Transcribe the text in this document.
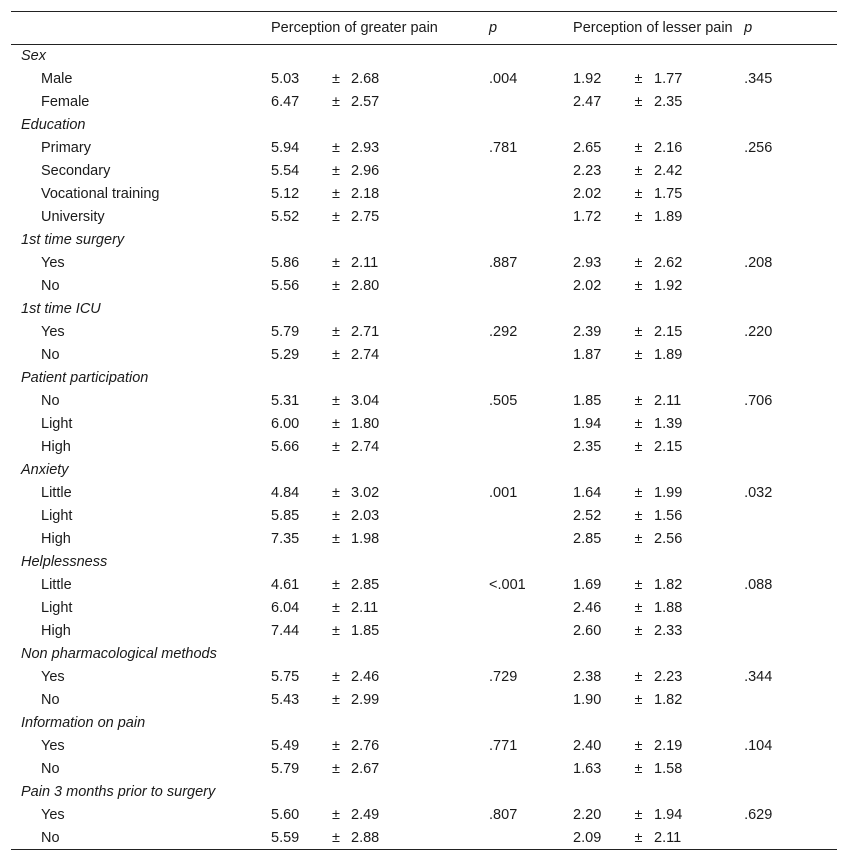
	Perception of greater pain			p	Perception of lesser pain			p
Sex								
Male	5.03	±	2.68	.004	1.92	±	1.77	.345
Female	6.47	±	2.57		2.47	±	2.35	
Education								
Primary	5.94	±	2.93	.781	2.65	±	2.16	.256
Secondary	5.54	±	2.96		2.23	±	2.42	
Vocational training	5.12	±	2.18		2.02	±	1.75	
University	5.52	±	2.75		1.72	±	1.89	
1st time surgery								
Yes	5.86	±	2.11	.887	2.93	±	2.62	.208
No	5.56	±	2.80		2.02	±	1.92	
1st time ICU								
Yes	5.79	±	2.71	.292	2.39	±	2.15	.220
No	5.29	±	2.74		1.87	±	1.89	
Patient participation								
No	5.31	±	3.04	.505	1.85	±	2.11	.706
Light	6.00	±	1.80		1.94	±	1.39	
High	5.66	±	2.74		2.35	±	2.15	
Anxiety								
Little	4.84	±	3.02	.001	1.64	±	1.99	.032
Light	5.85	±	2.03		2.52	±	1.56	
High	7.35	±	1.98		2.85	±	2.56	
Helplessness								
Little	4.61	±	2.85	<.001	1.69	±	1.82	.088
Light	6.04	±	2.11		2.46	±	1.88	
High	7.44	±	1.85		2.60	±	2.33	
Non pharmacological methods								
Yes	5.75	±	2.46	.729	2.38	±	2.23	.344
No	5.43	±	2.99		1.90	±	1.82	
Information on pain								
Yes	5.49	±	2.76	.771	2.40	±	2.19	.104
No	5.79	±	2.67		1.63	±	1.58	
Pain 3 months prior to surgery								
Yes	5.60	±	2.49	.807	2.20	±	1.94	.629
No	5.59	±	2.88		2.09	±	2.11	
